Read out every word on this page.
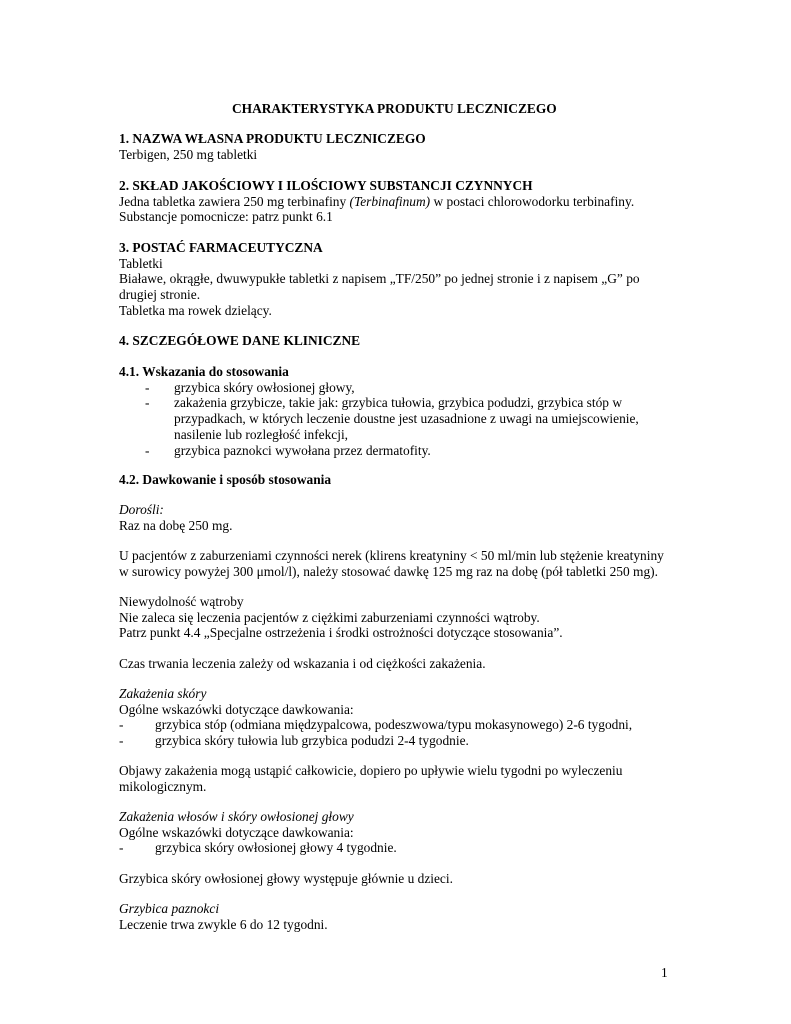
CHARAKTERYSTYKA PRODUKTU LECZNICZEGO
1. NAZWA WŁASNA PRODUKTU LECZNICZEGO
Terbigen, 250 mg tabletki
2. SKŁAD JAKOŚCIOWY I ILOŚCIOWY SUBSTANCJI CZYNNYCH
Jedna tabletka zawiera 250 mg terbinafiny (Terbinafinum) w postaci chlorowodorku terbinafiny.
Substancje pomocnicze: patrz punkt 6.1
3. POSTAĆ FARMACEUTYCZNA
Tabletki
Białawe, okrągłe, dwuwypukłe tabletki z napisem „TF/250” po jednej stronie i z napisem „G” po
drugiej stronie.
Tabletka ma rowek dzielący.
4. SZCZEGÓŁOWE DANE KLINICZNE
4.1. Wskazania do stosowania
- grzybica skóry owłosionej głowy,
- zakażenia grzybicze, takie jak: grzybica tułowia, grzybica podudzi, grzybica stóp w
przypadkach, w których leczenie doustne jest uzasadnione z uwagi na umiejscowienie,
nasilenie lub rozległość infekcji,
- grzybica paznokci wywołana przez dermatofity.
4.2. Dawkowanie i sposób stosowania
Dorośli:
Raz na dobę 250 mg.
U pacjentów z zaburzeniami czynności nerek (klirens kreatyniny < 50 ml/min lub stężenie kreatyniny
w surowicy powyżej 300 μmol/l), należy stosować dawkę 125 mg raz na dobę (pół tabletki 250 mg).
Niewydolność wątroby
Nie zaleca się leczenia pacjentów z ciężkimi zaburzeniami czynności wątroby.
Patrz punkt 4.4 „Specjalne ostrzeżenia i środki ostrożności dotyczące stosowania”.
Czas trwania leczenia zależy od wskazania i od ciężkości zakażenia.
Zakażenia skóry
Ogólne wskazówki dotyczące dawkowania:
- grzybica stóp (odmiana międzypalcowa, podeszwowa/typu mokasynowego) 2-6 tygodni,
- grzybica skóry tułowia lub grzybica podudzi 2-4 tygodnie.
Objawy zakażenia mogą ustąpić całkowicie, dopiero po upływie wielu tygodni po wyleczeniu
mikologicznym.
Zakażenia włosów i skóry owłosionej głowy
Ogólne wskazówki dotyczące dawkowania:
- grzybica skóry owłosionej głowy 4 tygodnie.
Grzybica skóry owłosionej głowy występuje głównie u dzieci.
Grzybica paznokci
Leczenie trwa zwykle 6 do 12 tygodni.
1
